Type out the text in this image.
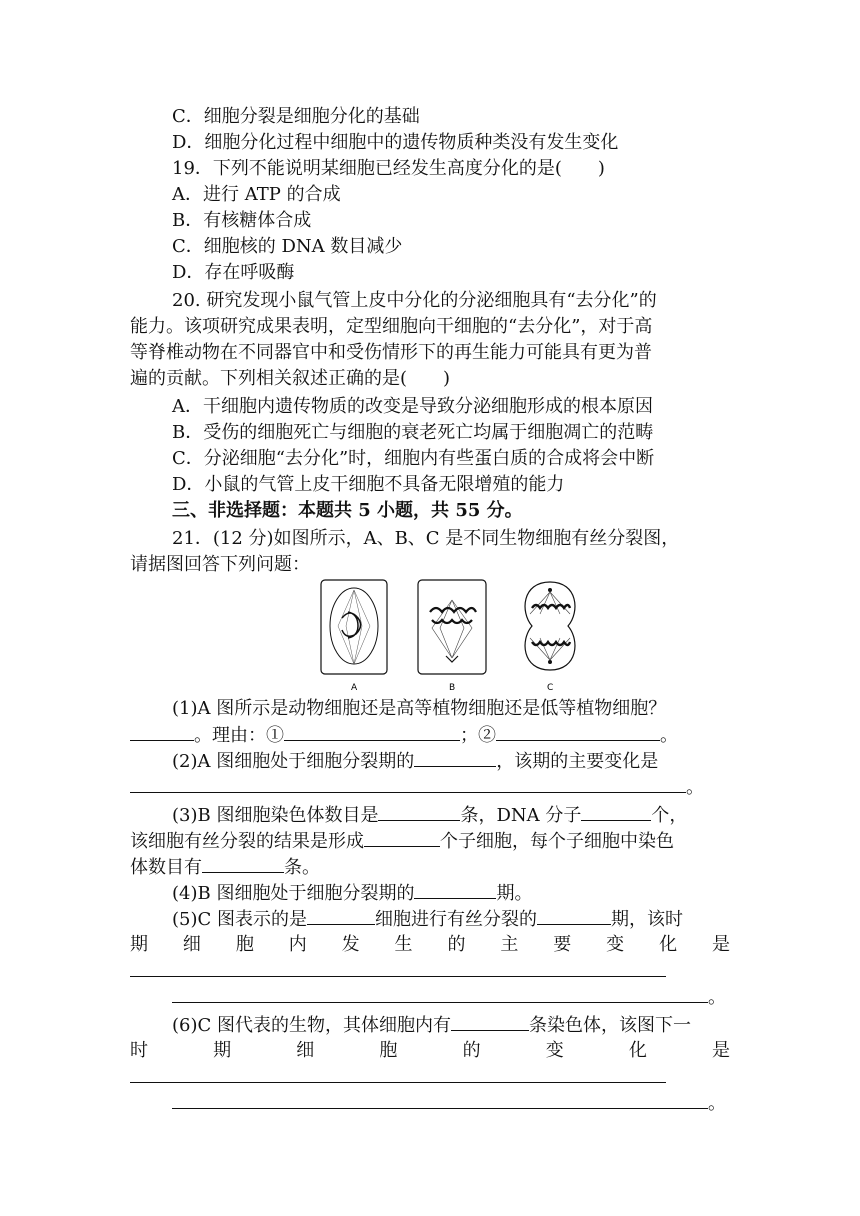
C．细胞分裂是细胞分化的基础
D．细胞分化过程中细胞中的遗传物质种类没有发生变化
19．下列不能说明某细胞已经发生高度分化的是(　　)
A．进行 ATP 的合成
B．有核糖体合成
C．细胞核的 DNA 数目减少
D．存在呼吸酶
20. 研究发现小鼠气管上皮中分化的分泌细胞具有“去分化”的
能力。该项研究成果表明，定型细胞向干细胞的“去分化”，对于高
等脊椎动物在不同器官中和受伤情形下的再生能力可能具有更为普
遍的贡献。下列相关叙述正确的是(　　)
A．干细胞内遗传物质的改变是导致分泌细胞形成的根本原因
B．受伤的细胞死亡与细胞的衰老死亡均属于细胞凋亡的范畴
C．分泌细胞“去分化”时，细胞内有些蛋白质的合成将会中断
D．小鼠的气管上皮干细胞不具备无限增殖的能力
三、非选择题：本题共 5 小题，共 55 分。
21．(12 分)如图所示，A、B、C 是不同生物细胞有丝分裂图，
请据图回答下列问题：
A	B	C
(1)A 图所示是动物细胞还是高等植物细胞还是低等植物细胞？
。理由：①	；②	。
(2)A 图细胞处于细胞分裂期的	，该期的主要变化是
。
(3)B 图细胞染色体数目是	条，DNA 分子	个，
该细胞有丝分裂的结果是形成	个子细胞，每个子细胞中染色
体数目有	条。
(4)B 图细胞处于细胞分裂期的	期。
(5)C 图表示的是	细胞进行有丝分裂的	期，该时
期 细 胞 内 发 生 的 主 要 变 化 是
。
(6)C 图代表的生物，其体细胞内有	条染色体，该图下一
时	期	细	胞	的	变	化	是
。
